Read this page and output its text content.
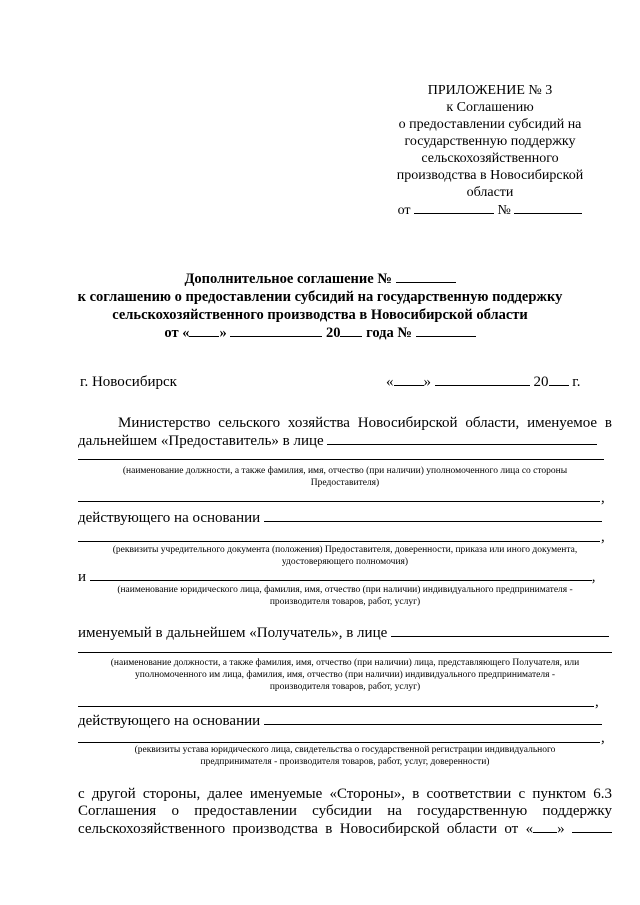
ПРИЛОЖЕНИЕ № 3
к Соглашению
о предоставлении субсидий на
государственную поддержку
сельскохозяйственного
производства в Новосибирской
области
от	№
Дополнительное соглашение №
к соглашению о предоставлении субсидий на государственную поддержку
сельскохозяйственного производства в Новосибирской области
от « »	20 года №
г. Новосибирск	« »	20 г.
Министерство сельского хозяйства Новосибирской области, именуемое в
дальнейшем «Предоставитель» в лице
(наименование должности, а также фамилия, имя, отчество (при наличии) уполномоченного лица со стороны
Предоставителя)
,
действующего на основании
,
(реквизиты учредительного документа (положения) Предоставителя, доверенности, приказа или иного документа,
удостоверяющего полномочия)
и	,
(наименование юридического лица, фамилия, имя, отчество (при наличии) индивидуального предпринимателя -
производителя товаров, работ, услуг)
именуемый в дальнейшем «Получатель», в лице
(наименование должности, а также фамилия, имя, отчество (при наличии) лица, представляющего Получателя, или
уполномоченного им лица, фамилия, имя, отчество (при наличии) индивидуального предпринимателя -
производителя товаров, работ, услуг)
,
действующего на основании
,
(реквизиты устава юридического лица, свидетельства о государственной регистрации индивидуального
предпринимателя - производителя товаров, работ, услуг, доверенности)
с другой стороны, далее именуемые «Стороны», в соответствии с пунктом 6.3
Соглашения о предоставлении субсидии на государственную поддержку
сельскохозяйственного производства в Новосибирской области от « »
